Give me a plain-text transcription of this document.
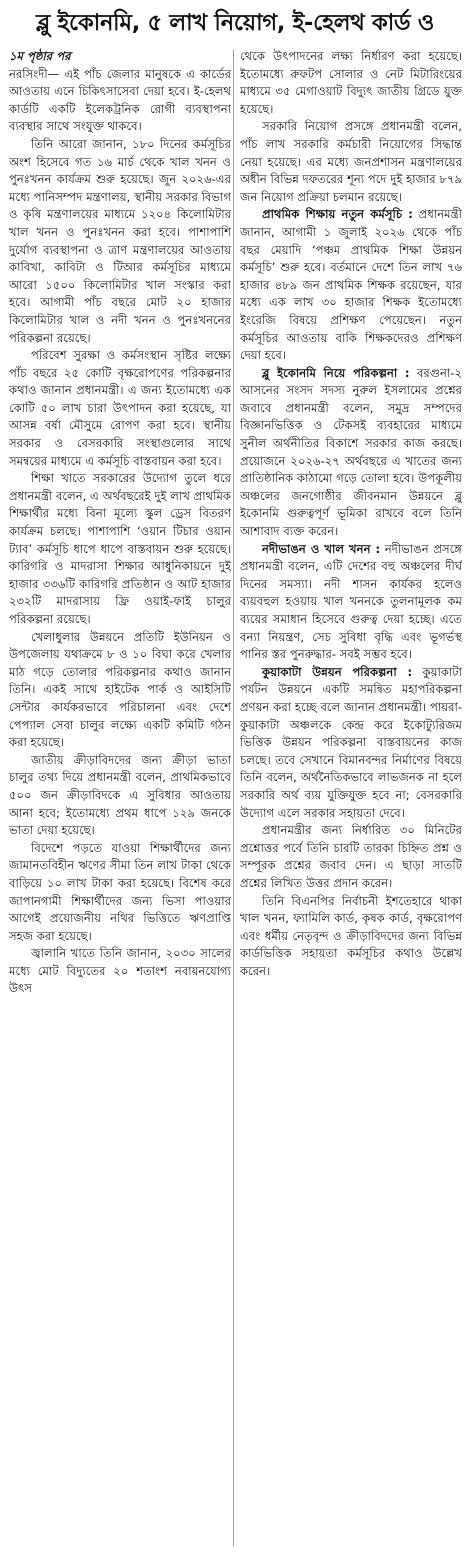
ব্লু ইকোনমি, ৫ লাখ নিয়োগ, ই-হেলথ কার্ড ও

১ম পৃষ্ঠার পর
নরসিংদী— এই পাঁচ জেলার মানুষকে এ কার্ডের আওতায় এনে চিকিৎসাসেবা দেয়া হবে। ই-হেলথ কার্ডটি একটি ইলেকট্রনিক রোগী ব্যবস্থাপনা ব্যবস্থার সাথে সংযুক্ত থাকবে।

তিনি আরো জানান, ১৮০ দিনের কর্মসূচির অংশ হিসেবে গত ১৬ মার্চ থেকে খাল খনন ও পুনঃখনন কার্যক্রম শুরু হয়েছে। জুন ২০২৬-এর মধ্যে পানিসম্পদ মন্ত্রণালয়, স্থানীয় সরকার বিভাগ ও কৃষি মন্ত্রণালয়ের মাধ্যমে ১২০৪ কিলোমিটার খাল খনন ও পুনঃখনন করা হবে। পাশাপাশি দুর্যোগ ব্যবস্থাপনা ও ত্রাণ মন্ত্রণালয়ের আওতায় কাবিখা, কাবিটা ও টিআর কর্মসূচির মাধ্যমে আরো ১৫০০ কিলোমিটার খাল সংস্কার করা হবে। আগামী পাঁচ বছরে মোট ২০ হাজার কিলোমিটার খাল ও নদী খনন ও পুনঃখননের পরিকল্পনা রয়েছে।

পরিবেশ সুরক্ষা ও কর্মসংস্থান সৃষ্টির লক্ষ্যে পাঁচ বছরে ২৫ কোটি বৃক্ষরোপণের পরিকল্পনার কথাও জানান প্রধানমন্ত্রী। এ জন্য ইতোমধ্যে এক কোটি ৫০ লাখ চারা উৎপাদন করা হয়েছে, যা আসন্ন বর্ষা মৌসুমে রোপণ করা হবে। স্থানীয় সরকার ও বেসরকারি সংস্থাগুলোর সাথে সমন্বয়ের মাধ্যমে এ কর্মসূচি বাস্তবায়ন করা হবে।

শিক্ষা খাতে সরকারের উদ্যোগ তুলে ধরে প্রধানমন্ত্রী বলেন, এ অর্থবছরেই দুই লাখ প্রাথমিক শিক্ষার্থীর মধ্যে বিনা মূল্যে স্কুল ড্রেস বিতরণ কার্যক্রম চলছে। পাশাপাশি ‘ওয়ান টিচার ওয়ান ট্যাব’ কর্মসূচি ধাপে ধাপে বাস্তবায়ন শুরু হয়েছে। কারিগরি ও মাদরাসা শিক্ষার আধুনিকায়নে দুই হাজার ৩৩৬টি কারিগরি প্রতিষ্ঠান ও আট হাজার ২৩২টি মাদরাসায় ফ্রি ওয়াই-ফাই চালুর পরিকল্পনা রয়েছে।

খেলাধুলার উন্নয়নে প্রতিটি ইউনিয়ন ও উপজেলায় যথাক্রমে ৮ ও ১০ বিঘা করে খেলার মাঠ গড়ে তোলার পরিকল্পনার কথাও জানান তিনি। একই সাথে হাইটেক পার্ক ও আইসিটি সেন্টার কার্যকরভাবে পরিচালনা এবং দেশে পেপ্যাল সেবা চালুর লক্ষ্যে একটি কমিটি গঠন করা হয়েছে।

জাতীয় ক্রীড়াবিদদের জন্য ক্রীড়া ভাতা চালুর তথ্য দিয়ে প্রধানমন্ত্রী বলেন, প্রাথমিকভাবে ৫০০ জন ক্রীড়াবিদকে এ সুবিধার আওতায় আনা হবে; ইতোমধ্যে প্রথম ধাপে ১২৯ জনকে ভাতা দেয়া হয়েছে।

বিদেশে পড়তে যাওয়া শিক্ষার্থীদের জন্য জামানতবিহীন ঋণের সীমা তিন লাখ টাকা থেকে বাড়িয়ে ১০ লাখ টাকা করা হয়েছে। বিশেষ করে জাপানগামী শিক্ষার্থীদের জন্য ভিসা পাওয়ার আগেই প্রয়োজনীয় নথির ভিত্তিতে ঋণপ্রাপ্তি সহজ করা হয়েছে।

জ্বালানি খাতে তিনি জানান, ২০৩০ সালের মধ্যে মোট বিদ্যুতের ২০ শতাংশ নবায়নযোগ্য উৎস

থেকে উৎপাদনের লক্ষ্য নির্ধারণ করা হয়েছে। ইতোমধ্যে রুফটপ সোলার ও নেট মিটারিংয়ের মাধ্যমে ৩৫ মেগাওয়াট বিদ্যুৎ জাতীয় গ্রিডে যুক্ত হয়েছে।

সরকারি নিয়োগ প্রসঙ্গে প্রধানমন্ত্রী বলেন, পাঁচ লাখ সরকারি কর্মচারী নিয়োগের সিদ্ধান্ত নেয়া হয়েছে। এর মধ্যে জনপ্রশাসন মন্ত্রণালয়ের অধীন বিভিন্ন দফতরের শূন্য পদে দুই হাজার ৮৭৯ জন নিয়োগ প্রক্রিয়া চলমান রয়েছে।

প্রাথমিক শিক্ষায় নতুন কর্মসূচি : প্রধানমন্ত্রী জানান, আগামী ১ জুলাই ২০২৬ থেকে পাঁচ বছর মেয়াদি ‘পঞ্চম প্রাথমিক শিক্ষা উন্নয়ন কর্মসূচি’ শুরু হবে। বর্তমানে দেশে তিন লাখ ৭৬ হাজার ৪৮৯ জন প্রাথমিক শিক্ষক রয়েছেন, যার মধ্যে এক লাখ ৩০ হাজার শিক্ষক ইতোমধ্যে ইংরেজি বিষয়ে প্রশিক্ষণ পেয়েছেন। নতুন কর্মসূচির আওতায় বাকি শিক্ষকদেরও প্রশিক্ষণ দেয়া হবে।

ব্লু ইকোনমি নিয়ে পরিকল্পনা : বরগুনা-২ আসনের সংসদ সদস্য নুরুল ইসলামের প্রশ্নের জবাবে প্রধানমন্ত্রী বলেন, সমুদ্র সম্পদের বিজ্ঞানভিত্তিক ও টেকসই ব্যবহারের মাধ্যমে সুনীল অর্থনীতির বিকাশে সরকার কাজ করছে। প্রয়োজনে ২০২৬-২৭ অর্থবছরে এ খাতের জন্য প্রাতিষ্ঠানিক কাঠামো গড়ে তোলা হবে। উপকূলীয় অঞ্চলের জনগোষ্ঠীর জীবনমান উন্নয়নে ব্লু ইকোনমি গুরুত্বপূর্ণ ভূমিকা রাখবে বলে তিনি আশাবাদ ব্যক্ত করেন।

নদীভাঙন ও খাল খনন : নদীভাঙন প্রসঙ্গে প্রধানমন্ত্রী বলেন, এটি দেশের বহু অঞ্চলের দীর্ঘ দিনের সমস্যা। নদী শাসন কার্যকর হলেও ব্যয়বহুল হওয়ায় খাল খননকে তুলনামূলক কম ব্যয়ের সমাধান হিসেবে গুরুত্ব দেয়া হচ্ছে। এতে বন্যা নিয়ন্ত্রণ, সেচ সুবিধা বৃদ্ধি এবং ভূগর্ভস্থ পানির স্তর পুনরুদ্ধার- সবই সম্ভব হবে।

কুয়াকাটা উন্নয়ন পরিকল্পনা : কুয়াকাটা পর্যটন উন্নয়নে একটি সমন্বিত মহাপরিকল্পনা প্রণয়ন করা হচ্ছে বলে জানান প্রধানমন্ত্রী। পায়রা-কুয়াকাটা অঞ্চলকে কেন্দ্র করে ইকোট্যুরিজম ভিত্তিক উন্নয়ন পরিকল্পনা বাস্তবায়নের কাজ চলছে। তবে সেখানে বিমানবন্দর নির্মাণের বিষয়ে তিনি বলেন, অর্থনৈতিকভাবে লাভজনক না হলে সরকারি অর্থ ব্যয় যুক্তিযুক্ত হবে না; বেসরকারি উদ্যোগ এলে সরকার সহায়তা দেবে।

প্রধানমন্ত্রীর জন্য নির্ধারিত ৩০ মিনিটের প্রশ্নোত্তর পর্বে তিনি চারটি তারকা চিহ্নিত প্রশ্ন ও সম্পূরক প্রশ্নের জবাব দেন। এ ছাড়া সাতটি প্রশ্নের লিখিত উত্তর প্রদান করেন।

তিনি বিএনপির নির্বাচনী ইশতেহারে থাকা খাল খনন, ফ্যামিলি কার্ড, কৃষক কার্ড, বৃক্ষরোপণ এবং ধর্মীয় নেতৃবৃন্দ ও ক্রীড়াবিদদের জন্য বিভিন্ন কার্ডভিত্তিক সহায়তা কর্মসূচির কথাও উল্লেখ করেন।
